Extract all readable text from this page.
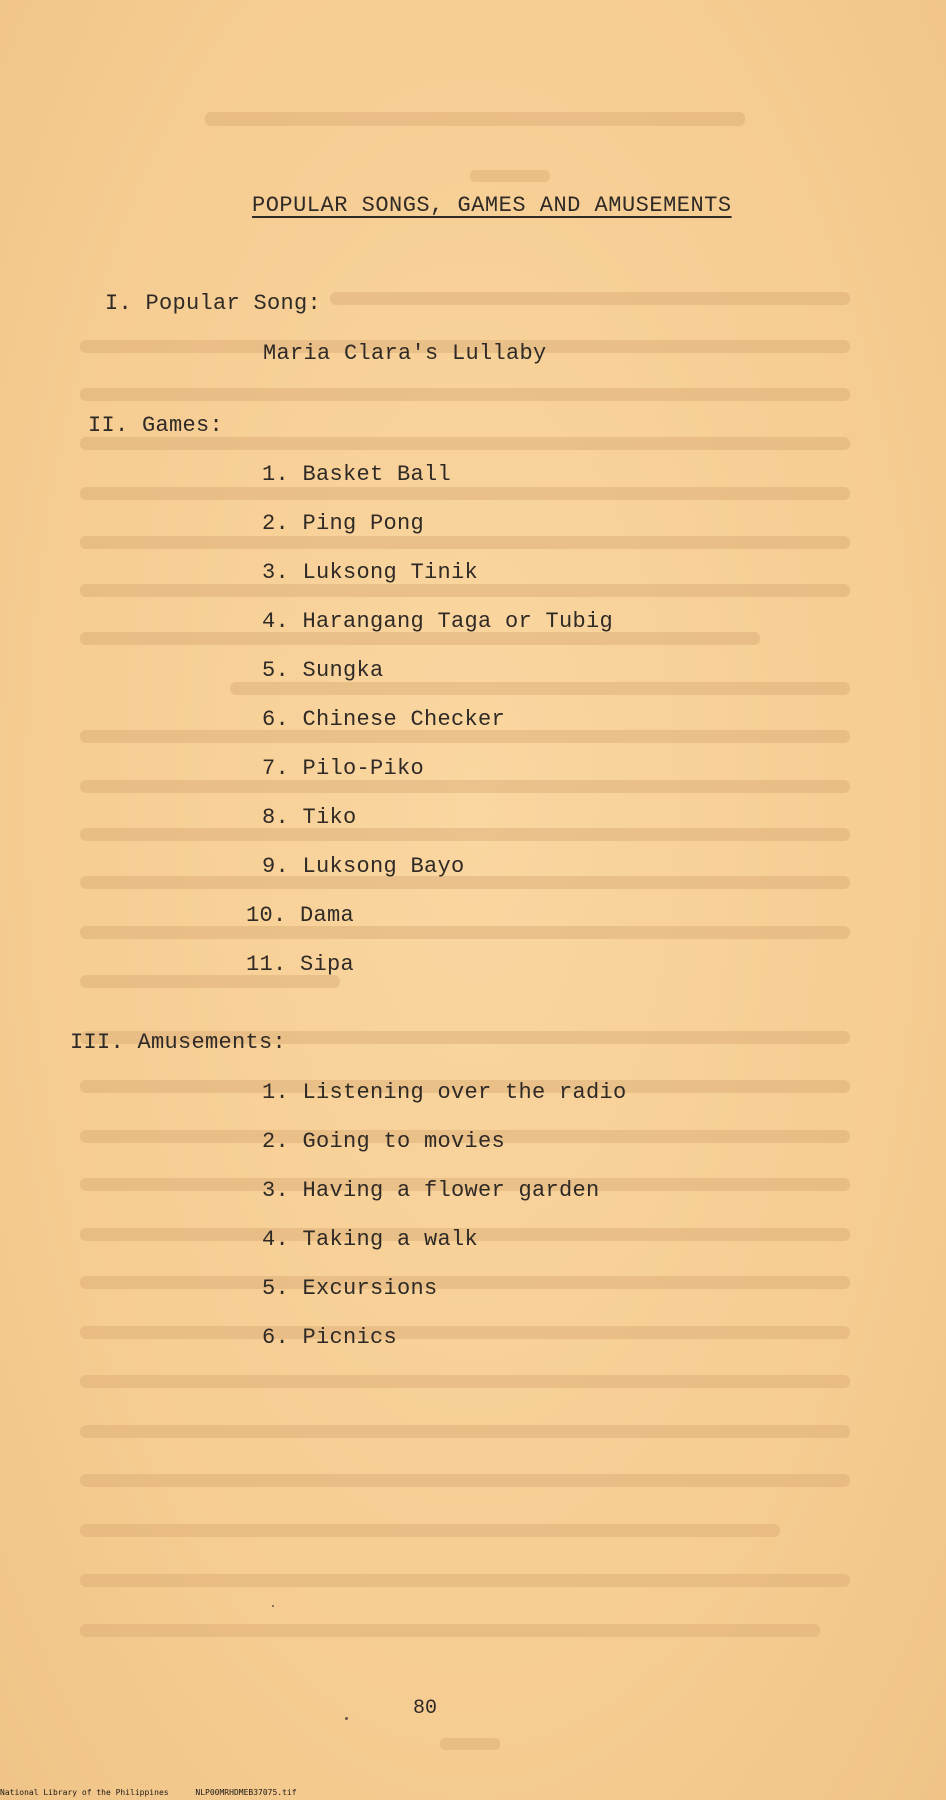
POPULAR SONGS, GAMES AND AMUSEMENTS
I. Popular Song:
Maria Clara's Lullaby
II. Games:
1. Basket Ball
2. Ping Pong
3. Luksong Tinik
4. Harangang Taga or Tubig
5. Sungka
6. Chinese Checker
7. Pilo-Piko
8. Tiko
9. Luksong Bayo
10. Dama
11. Sipa
III. Amusements:
1. Listening over the radio
2. Going to movies
3. Having a flower garden
4. Taking a walk
5. Excursions
6. Picnics
80
National Library of the Philippines	NLP00MRHDMEB37075.tif
